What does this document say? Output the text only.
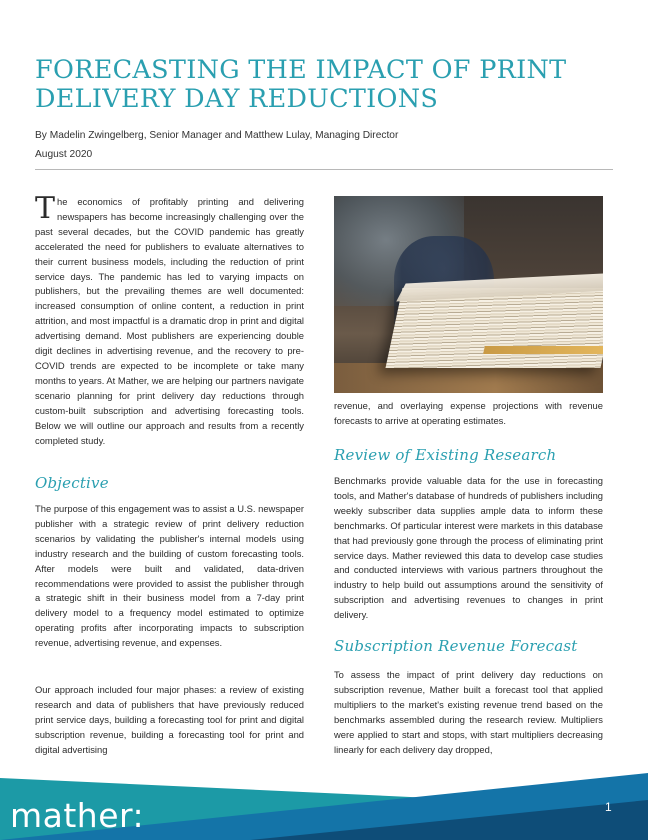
FORECASTING THE IMPACT OF PRINT DELIVERY DAY REDUCTIONS
By Madelin Zwingelberg, Senior Manager and Matthew Lulay, Managing Director
August 2020

The economics of profitably printing and delivering newspapers has become increasingly challenging over the past several decades, but the COVID pandemic has greatly accelerated the need for publishers to evaluate alternatives to their current business models, including the reduction of print service days. The pandemic has led to varying impacts on publishers, but the prevailing themes are well documented: increased consumption of online content, a reduction in print attrition, and most impactful is a dramatic drop in print and digital advertising demand. Most publishers are experiencing double digit declines in advertising revenue, and the recovery to pre-COVID trends are expected to be incomplete or take many months to years. At Mather, we are helping our partners navigate scenario planning for print delivery day reductions through custom-built subscription and advertising forecasting tools. Below we will outline our approach and results from a recently completed study.

Objective

The purpose of this engagement was to assist a U.S. newspaper publisher with a strategic review of print delivery reduction scenarios by validating the publisher's internal models using industry research and the building of custom forecasting tools. After models were built and validated, data-driven recommendations were provided to assist the publisher through a strategic shift in their business model from a 7-day print delivery model to a frequency model estimated to optimize operating profits after incorporating impacts to subscription revenue, advertising revenue, and expenses.

Our approach included four major phases: a review of existing research and data of publishers that have previously reduced print service days, building a forecasting tool for print and digital subscription revenue, building a forecasting tool for print and digital advertising

revenue, and overlaying expense projections with revenue forecasts to arrive at operating estimates.

Review of Existing Research

Benchmarks provide valuable data for the use in forecasting tools, and Mather's database of hundreds of publishers including weekly subscriber data supplies ample data to inform these benchmarks. Of particular interest were markets in this database that had previously gone through the process of eliminating print service days. Mather reviewed this data to develop case studies and conducted interviews with various partners throughout the industry to help build out assumptions around the sensitivity of subscription and advertising revenues to changes in print delivery.

Subscription Revenue Forecast

To assess the impact of print delivery day reductions on subscription revenue, Mather built a forecast tool that applied multipliers to the market's existing revenue trend based on the benchmarks assembled during the research review. Multipliers were applied to start and stops, with start multipliers decreasing linearly for each delivery day dropped,

mather:	1
